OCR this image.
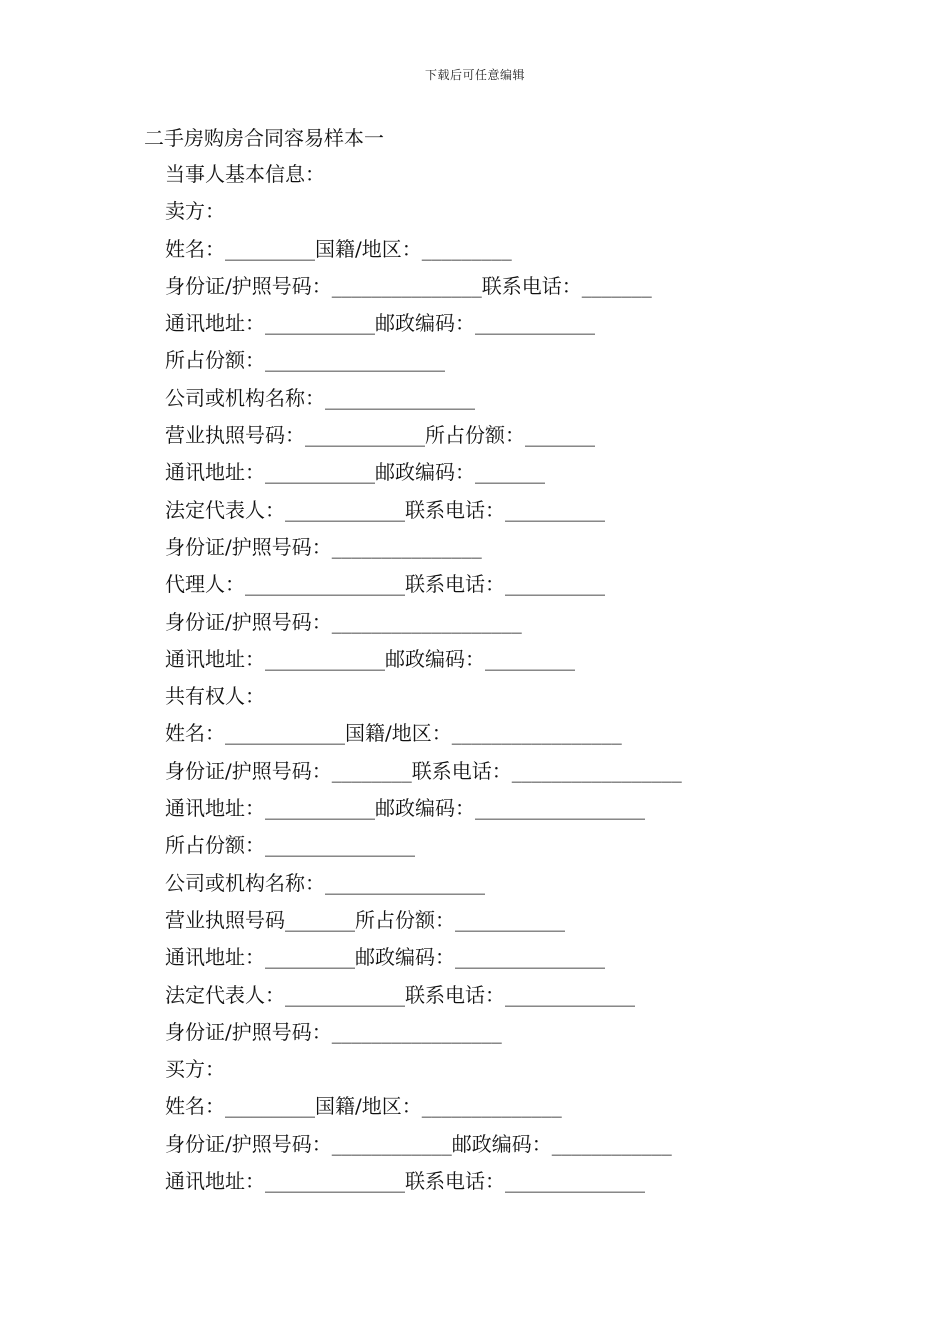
下载后可任意编辑
二手房购房合同容易样本一
当事人基本信息：
卖方：
姓名：_________国籍/地区：_________
身份证/护照号码：_______________联系电话：_______
通讯地址：___________邮政编码：____________
所占份额：__________________
公司或机构名称：_______________
营业执照号码：____________所占份额：_______
通讯地址：___________邮政编码：_______
法定代表人：____________联系电话：__________
身份证/护照号码：_______________
代理人：________________联系电话：__________
身份证/护照号码：___________________
通讯地址：____________邮政编码：_________
共有权人：
姓名：____________国籍/地区：_________________
身份证/护照号码：________联系电话：_________________
通讯地址：___________邮政编码：_________________
所占份额：_______________
公司或机构名称：________________
营业执照号码_______所占份额：___________
通讯地址：_________邮政编码：_______________
法定代表人：____________联系电话：_____________
身份证/护照号码：_________________
买方：
姓名：_________国籍/地区：______________
身份证/护照号码：____________邮政编码：____________
通讯地址：______________联系电话：______________
